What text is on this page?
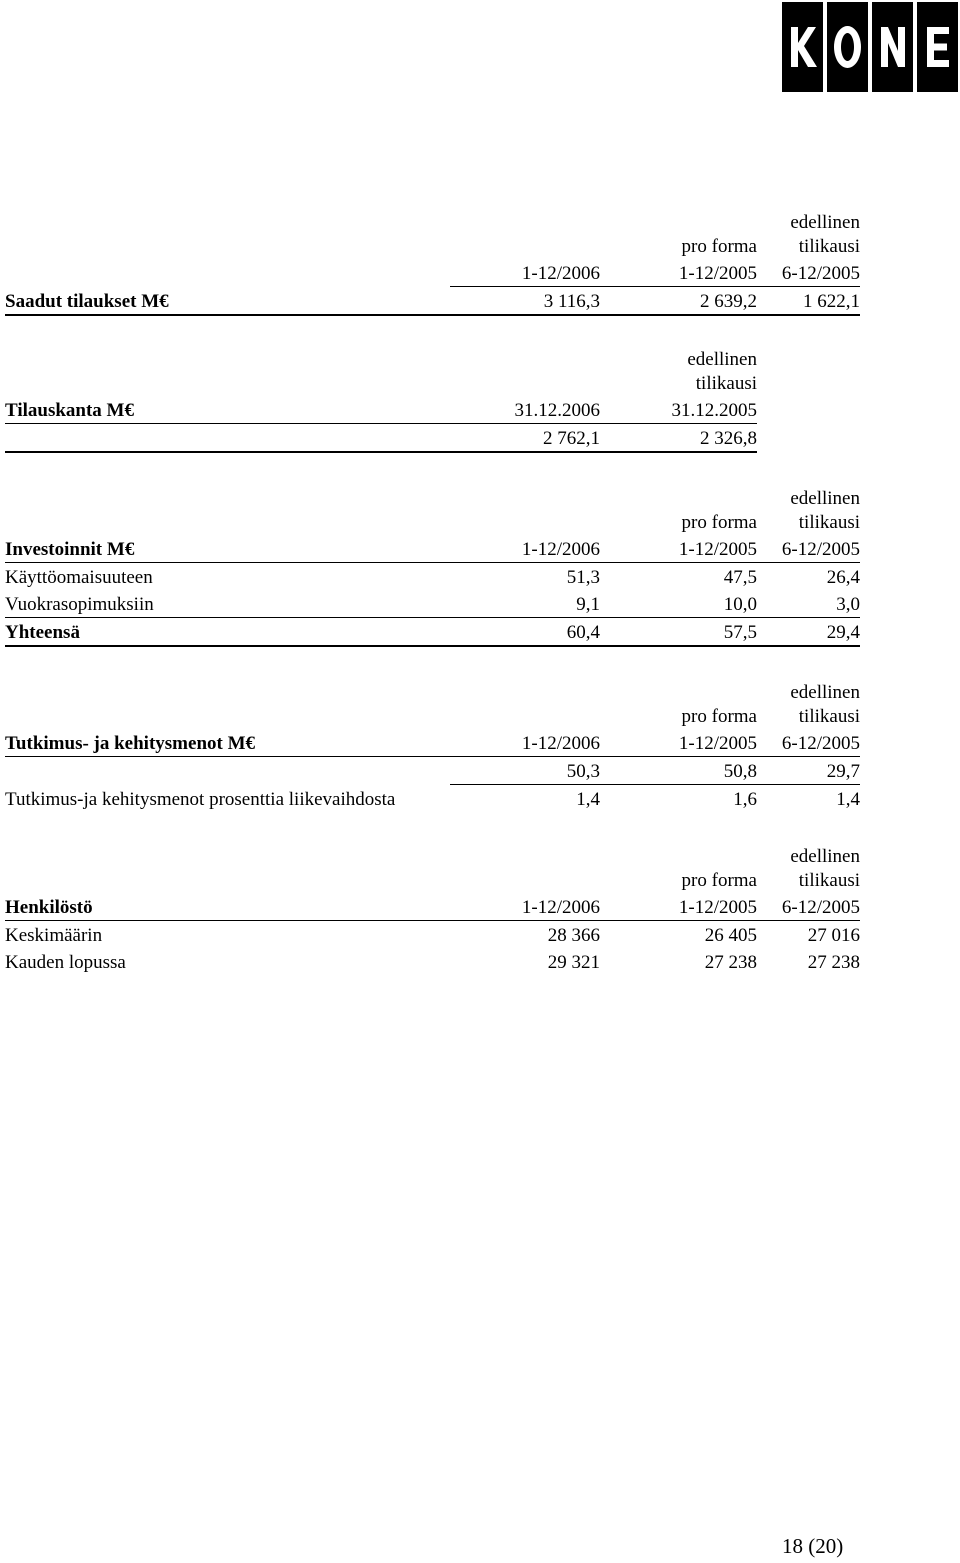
			edellinen
		pro forma	tilikausi
	1-12/2006	1-12/2005	6-12/2005
Saadut tilaukset M€	3 116,3	2 639,2	1 622,1
		edellinen
		tilikausi
Tilauskanta M€	31.12.2006	31.12.2005
	2 762,1	2 326,8
			edellinen
		pro forma	tilikausi
Investoinnit M€	1-12/2006	1-12/2005	6-12/2005
Käyttöomaisuuteen	51,3	47,5	26,4
Vuokrasopimuksiin	9,1	10,0	3,0
Yhteensä	60,4	57,5	29,4
			edellinen
		pro forma	tilikausi
Tutkimus- ja kehitysmenot M€	1-12/2006	1-12/2005	6-12/2005
	50,3	50,8	29,7
Tutkimus-ja kehitysmenot prosenttia liikevaihdosta	1,4	1,6	1,4
			edellinen
		pro forma	tilikausi
Henkilöstö	1-12/2006	1-12/2005	6-12/2005
Keskimäärin	28 366	26 405	27 016
Kauden lopussa	29 321	27 238	27 238
18 (20)
